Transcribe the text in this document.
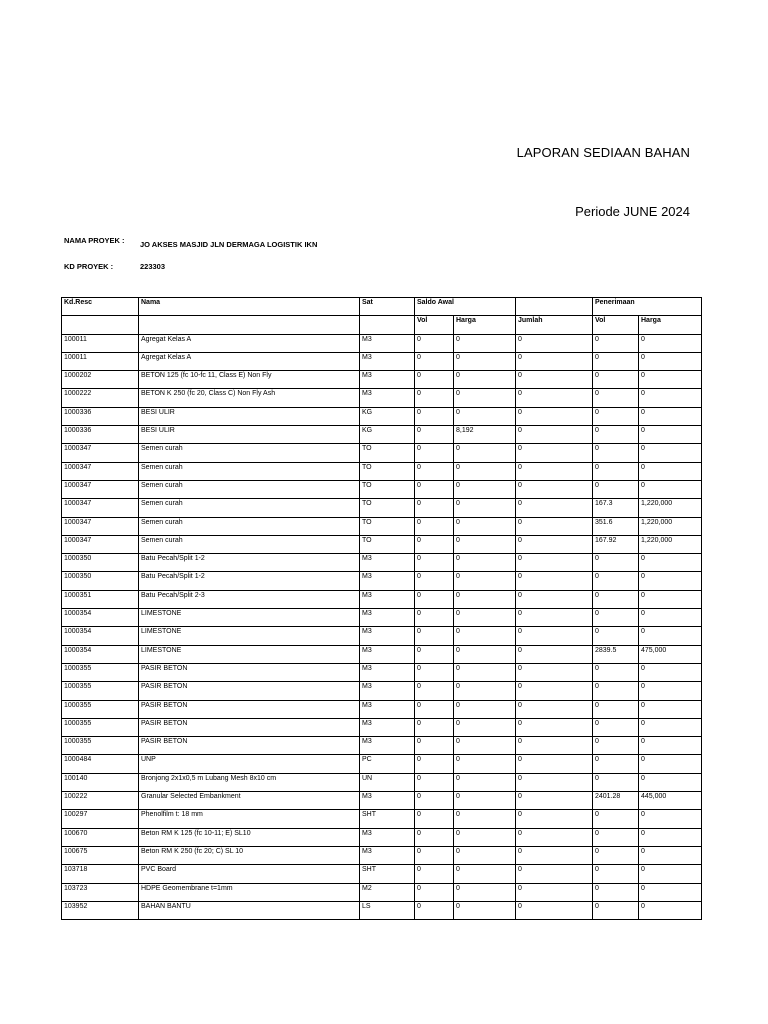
LAPORAN SEDIAAN BAHAN
Periode JUNE 2024
NAMA PROYEK : JO AKSES MASJID JLN DERMAGA LOGISTIK IKN
KD PROYEK :	223303
Kd.Resc	Nama	Sat	Saldo Awal			Penerimaan	
			Vol	Harga	Jumlah	Vol	Harga
100011	Agregat Kelas A	M3	0	0	0	0	0
100011	Agregat Kelas A	M3	0	0	0	0	0
1000202	BETON 125 (fc 10-fc 11, Class E) Non Fly	M3	0	0	0	0	0
1000222	BETON K 250 (fc 20, Class C) Non Fly Ash	M3	0	0	0	0	0
1000336	BESI ULIR	KG	0	0	0	0	0
1000336	BESI ULIR	KG	0	8,192	0	0	0
1000347	Semen curah	TO	0	0	0	0	0
1000347	Semen curah	TO	0	0	0	0	0
1000347	Semen curah	TO	0	0	0	0	0
1000347	Semen curah	TO	0	0	0	167.3	1,220,000
1000347	Semen curah	TO	0	0	0	351.6	1,220,000
1000347	Semen curah	TO	0	0	0	167.92	1,220,000
1000350	Batu Pecah/Split 1-2	M3	0	0	0	0	0
1000350	Batu Pecah/Split 1-2	M3	0	0	0	0	0
1000351	Batu Pecah/Split 2-3	M3	0	0	0	0	0
1000354	LIMESTONE	M3	0	0	0	0	0
1000354	LIMESTONE	M3	0	0	0	0	0
1000354	LIMESTONE	M3	0	0	0	2839.5	475,000
1000355	PASIR BETON	M3	0	0	0	0	0
1000355	PASIR BETON	M3	0	0	0	0	0
1000355	PASIR BETON	M3	0	0	0	0	0
1000355	PASIR BETON	M3	0	0	0	0	0
1000355	PASIR BETON	M3	0	0	0	0	0
1000484	UNP	PC	0	0	0	0	0
100140	Bronjong 2x1x0,5 m Lubang Mesh 8x10 cm	UN	0	0	0	0	0
100222	Granular Selected Embankment	M3	0	0	0	2401.28	445,000
100297	Phenolfilm t: 18 mm	SHT	0	0	0	0	0
100670	Beton RM K 125 (fc 10-11; E) SL10	M3	0	0	0	0	0
100675	Beton RM K 250 (fc 20; C) SL 10	M3	0	0	0	0	0
103718	PVC Board	SHT	0	0	0	0	0
103723	HDPE Geomembrane t=1mm	M2	0	0	0	0	0
103952	BAHAN BANTU	LS	0	0	0	0	0
